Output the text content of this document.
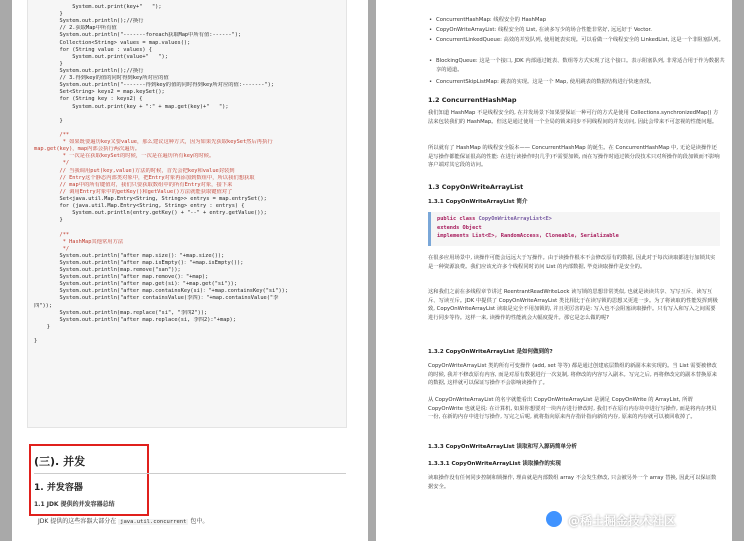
System.out.print(key+"   ");
}
System.out.println();//换行
// 2.获取Map中所有值
System.out.println("-------foreach获取Map中所有值:------");
Collection<String> values = map.values();
for (String value : values) {
System.out.print(value+"   ");
}
System.out.println();//换行
// 3.得到key的值的同时得到key所对应的值
System.out.println("-------得到key的值的同时得到key所对应的值:-------");
Set<String> keys2 = map.keySet();
for (String key : keys2) {
System.out.print(key + ":" + map.get(key)+"   ");
}
/**
* 如果既要遍历key又要value，那么建议这种方式，因为如果先获取keySet然后再执行
map.get(key)，map内部会执行两次遍历。
* 一次是在获取keySet的时候，一次是在遍历所有key的时候。
*/
// 当我调用put(key,value)方法的时候，首先会把key和value封装到
// Entry这个静态内部类对象中，把Entry对象再添加到数组中，所以我们想获取
// map中的所有键值对，我们只要获取数组中的所有Entry对象，接下来
// 调用Entry对象中的getKey()和getValue()方法就能获取键值对了
Set<java.util.Map.Entry<String, String>> entrys = map.entrySet();
for (java.util.Map.Entry<String, String> entry : entrys) {
System.out.println(entry.getKey() + "--" + entry.getValue());
}
/**
* HashMap其他常用方法
*/
System.out.println("after map.size()："+map.size());
System.out.println("after map.isEmpty()："+map.isEmpty());
System.out.println(map.remove("san"));
System.out.println("after map.remove()："+map);
System.out.println("after map.get(si)："+map.get("si"));
System.out.println("after map.containsKey(si)："+map.containsKey("si"));
System.out.println("after containsValue(李四)："+map.containsValue("李
四"));
System.out.println(map.replace("si", "李四2"));
System.out.println("after map.replace(si, 李四2):"+map);
}
}
(三). 并发
1. 并发容器
1.1 JDK 提供的并发容器总结
JDK 提供的这些容器大部分在 java.util.concurrent 包中。
• ConcurrentHashMap: 线程安全的 HashMap
• CopyOnWriteArrayList: 线程安全的 List, 在读多写少的场合性能非常好, 远远好于 Vector.
• ConcurrentLinkedQueue: 高效的并发队列, 使用链表实现。可以看做一个线程安全的 LinkedList, 这是一个非阻塞队列。
• BlockingQueue: 这是一个接口, JDK 内部通过链表、数组等方式实现了这个接口。表示阻塞队列, 非常适合用于作为数据共享的通道。
• ConcurrentSkipListMap: 跳表的实现。这是一个 Map, 使用跳表的数据结构进行快速查找。
1.2 ConcurrentHashMap
我们知道 HashMap 不是线程安全的, 在并发场景下如果要保证一种可行的方式是使用 Collections.synchronizedMap() 方法来包装我们的 HashMap。但这是通过使用一个全局的锁来同步不同线程间的并发访问, 因此会带来不可忽视的性能问题。
所以就有了 HashMap 的线程安全版本—— ConcurrentHashMap 的诞生。在 ConcurrentHashMap 中, 无论是读操作还是写操作都能保证很高的性能: 在进行读操作时(几乎)不需要加锁, 而在写操作时通过锁分段技术只对所操作的段加锁而不影响客户端对其它段的访问。
1.3 CopyOnWriteArrayList
1.3.1 CopyOnWriteArrayList 简介
public class CopyOnWriteArrayList<E>
extends Object
implements List<E>, RandomAccess, Cloneable, Serializable
在很多应用场景中, 读操作可能会远远大于写操作。由于读操作根本不会修改原有的数据, 因此对于每次读取都进行加锁其实是一种资源浪费。我们应该允许多个线程同时访问 List 的内部数据, 毕竟读取操作是安全的。
这和我们之前在多线程章节讲过 ReentrantReadWriteLock 读写锁的思想非常类似, 也就是读读共享、写写互斥、读写互斥、写读互斥。JDK 中提供了 CopyOnWriteArrayList 类比相比于在读写锁的思想又更进一步。为了将读取的性能发挥到极致, CopyOnWriteArrayList 读取是完全不用加锁的, 并且更厉害的是: 写入也不会阻塞读取操作。只有写入和写入之间需要进行同步等待。这样一来, 读操作的性能就会大幅度提升。那它是怎么做的呢?
1.3.2 CopyOnWriteArrayList 是如何做到的?
CopyOnWriteArrayList 类的所有可变操作 (add, set 等等) 都是通过创建底层数组的新副本来实现的。当 List 需要被修改的时候, 我并不修改原有内容, 而是对原有数据进行一次复制, 将修改的内容写入副本。写完之后, 再将修改完的副本替换原来的数据, 这样就可以保证写操作不会影响读操作了。
从 CopyOnWriteArrayList 的名字就能看出 CopyOnWriteArrayList 是满足 CopyOnWrite 的 ArrayList, 所谓 CopyOnWrite 也就是说: 在计算机, 如果你想要对一块内存进行修改时, 我们不在原有内存块中进行写操作, 而是将内存拷贝一份, 在新的内存中进行写操作, 写完之后呢, 就将指向原来内存指针指向新的内存, 原来的内存就可以被回收掉了。
1.3.3 CopyOnWriteArrayList 读取和写入源码简单分析
1.3.3.1 CopyOnWriteArrayList 读取操作的实现
读取操作没有任何同步控制和锁操作, 理由就是内部数组 array 不会发生修改, 只会被另外一个 array 替换, 因此可以保证数据安全。
@稀土掘金技术社区
